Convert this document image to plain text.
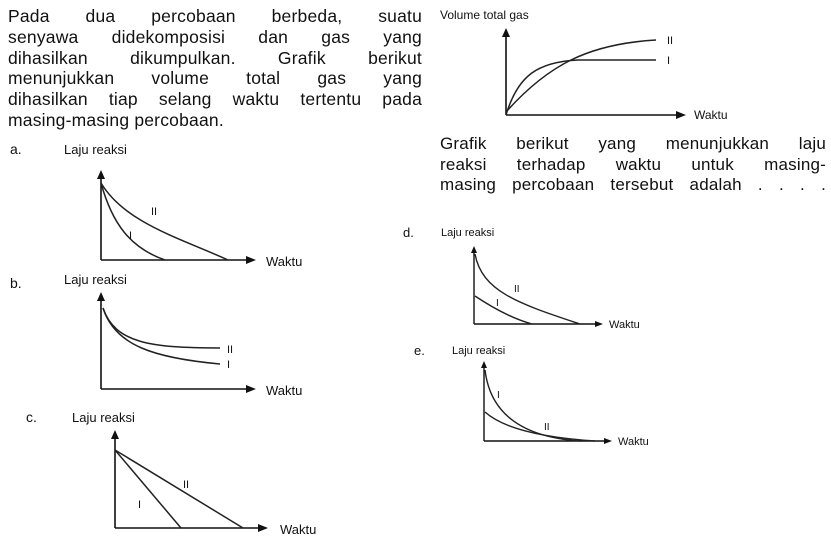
Pada dua percobaan berbeda, suatu
senyawa didekomposisi dan gas yang
dihasilkan dikumpulkan. Grafik berikut
menunjukkan volume total gas yang
dihasilkan tiap selang waktu tertentu pada
masing-masing percobaan.
Grafik berikut yang menunjukkan laju
reaksi terhadap waktu untuk masing-
masing percobaan tersebut adalah . . . .
Volume total gas
Waktu
II
I
a.	Laju reaksi
Waktu
II
I
b.	Laju reaksi
Waktu
II
I
c.	Laju reaksi
Waktu
II
I
d. Laju reaksi
Waktu
II
I
e. Laju reaksi
Waktu
I
II
